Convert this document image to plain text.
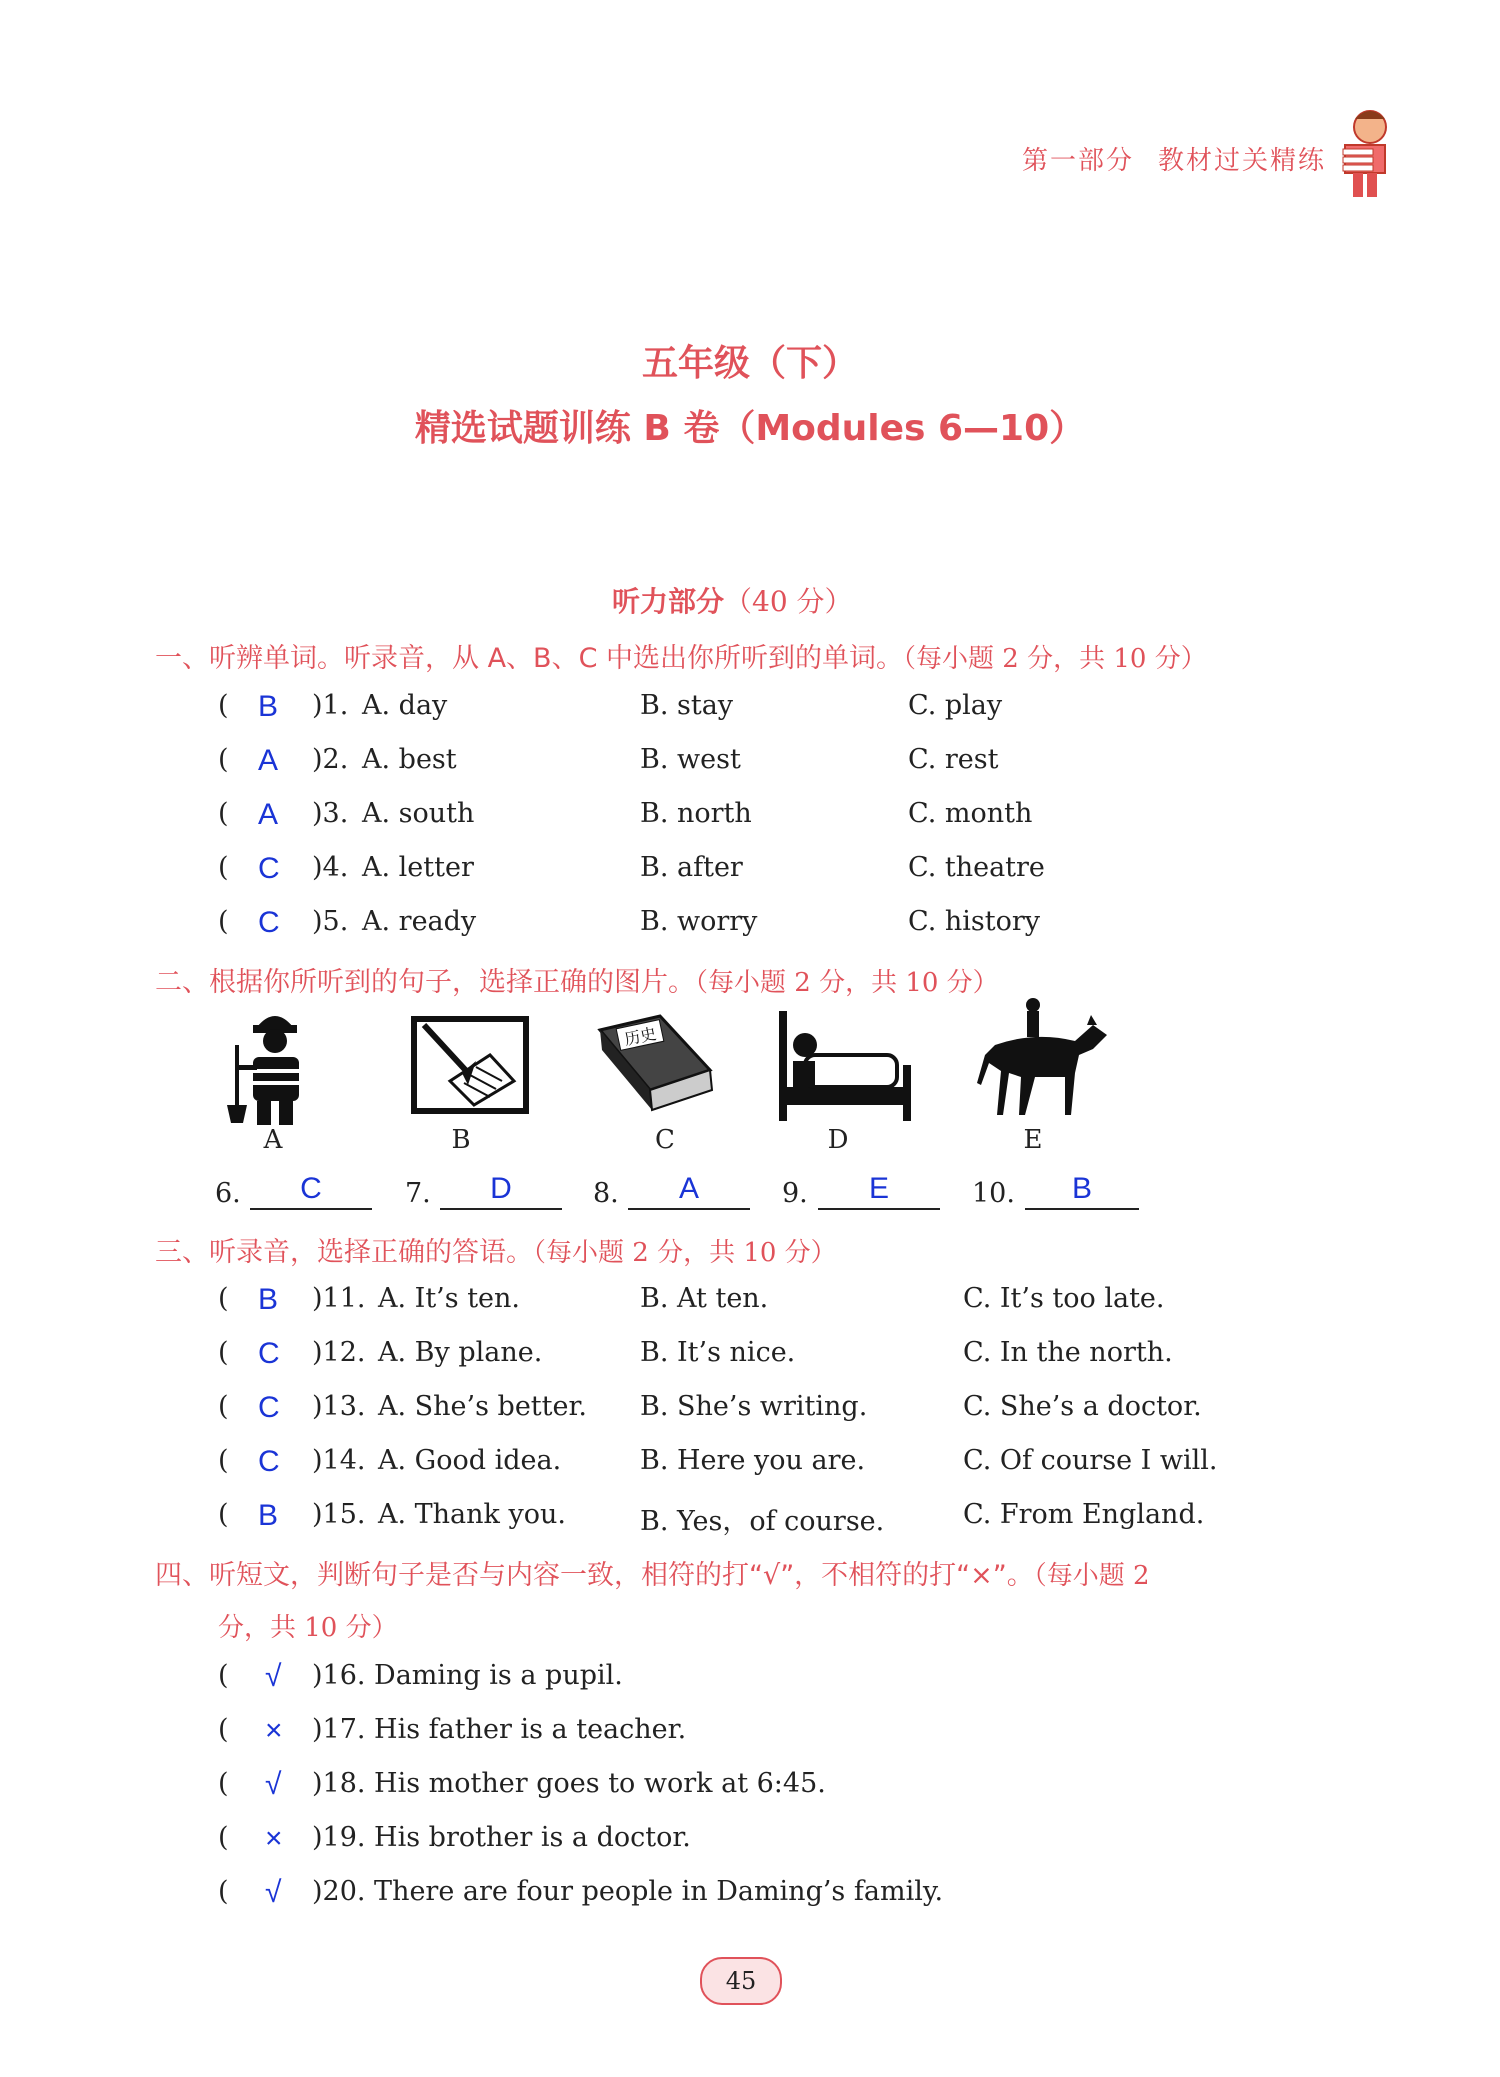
第一部分 教材过关精练
五年级（下）
精选试题训练 B 卷（Modules 6—10）
听力部分（40 分）
一、听辨单词。听录音，从 A、B、C 中选出你所听到的单词。（每小题 2 分，共 10 分）
( B )1. A. day	B. stay	C. play
( A )2. A. best	B. west	C. rest
( A )3. A. south	B. north	C. month
( C )4. A. letter	B. after	C. theatre
( C )5. A. ready	B. worry	C. history
二、根据你所听到的句子，选择正确的图片。（每小题 2 分，共 10 分）
A	B
历史
C	D	E
6.	C	7.	D	8.	A	9.	E	10.	B
三、听录音，选择正确的答语。（每小题 2 分，共 10 分）
( B )11. A. It’s ten.	B. At ten.	C. It’s too late.
( C )12. A. By plane.	B. It’s nice.	C. In the north.
( C )13. A. She’s better. B. She’s writing.	C. She’s a doctor.
( C )14. A. Good idea.	B. Here you are.	C. Of course I will.
( B )15. A. Thank you.	B. Yes，of course.	C. From England.
四、听短文，判断句子是否与内容一致，相符的打“√”，不相符的打“×”。（每小题 2
分，共 10 分）
( √ )16. Daming is a pupil.
( × )17. His father is a teacher.
( √ )18. His mother goes to work at 6:45.
( × )19. His brother is a doctor.
( √ )20. There are four people in Daming’s family.
45
